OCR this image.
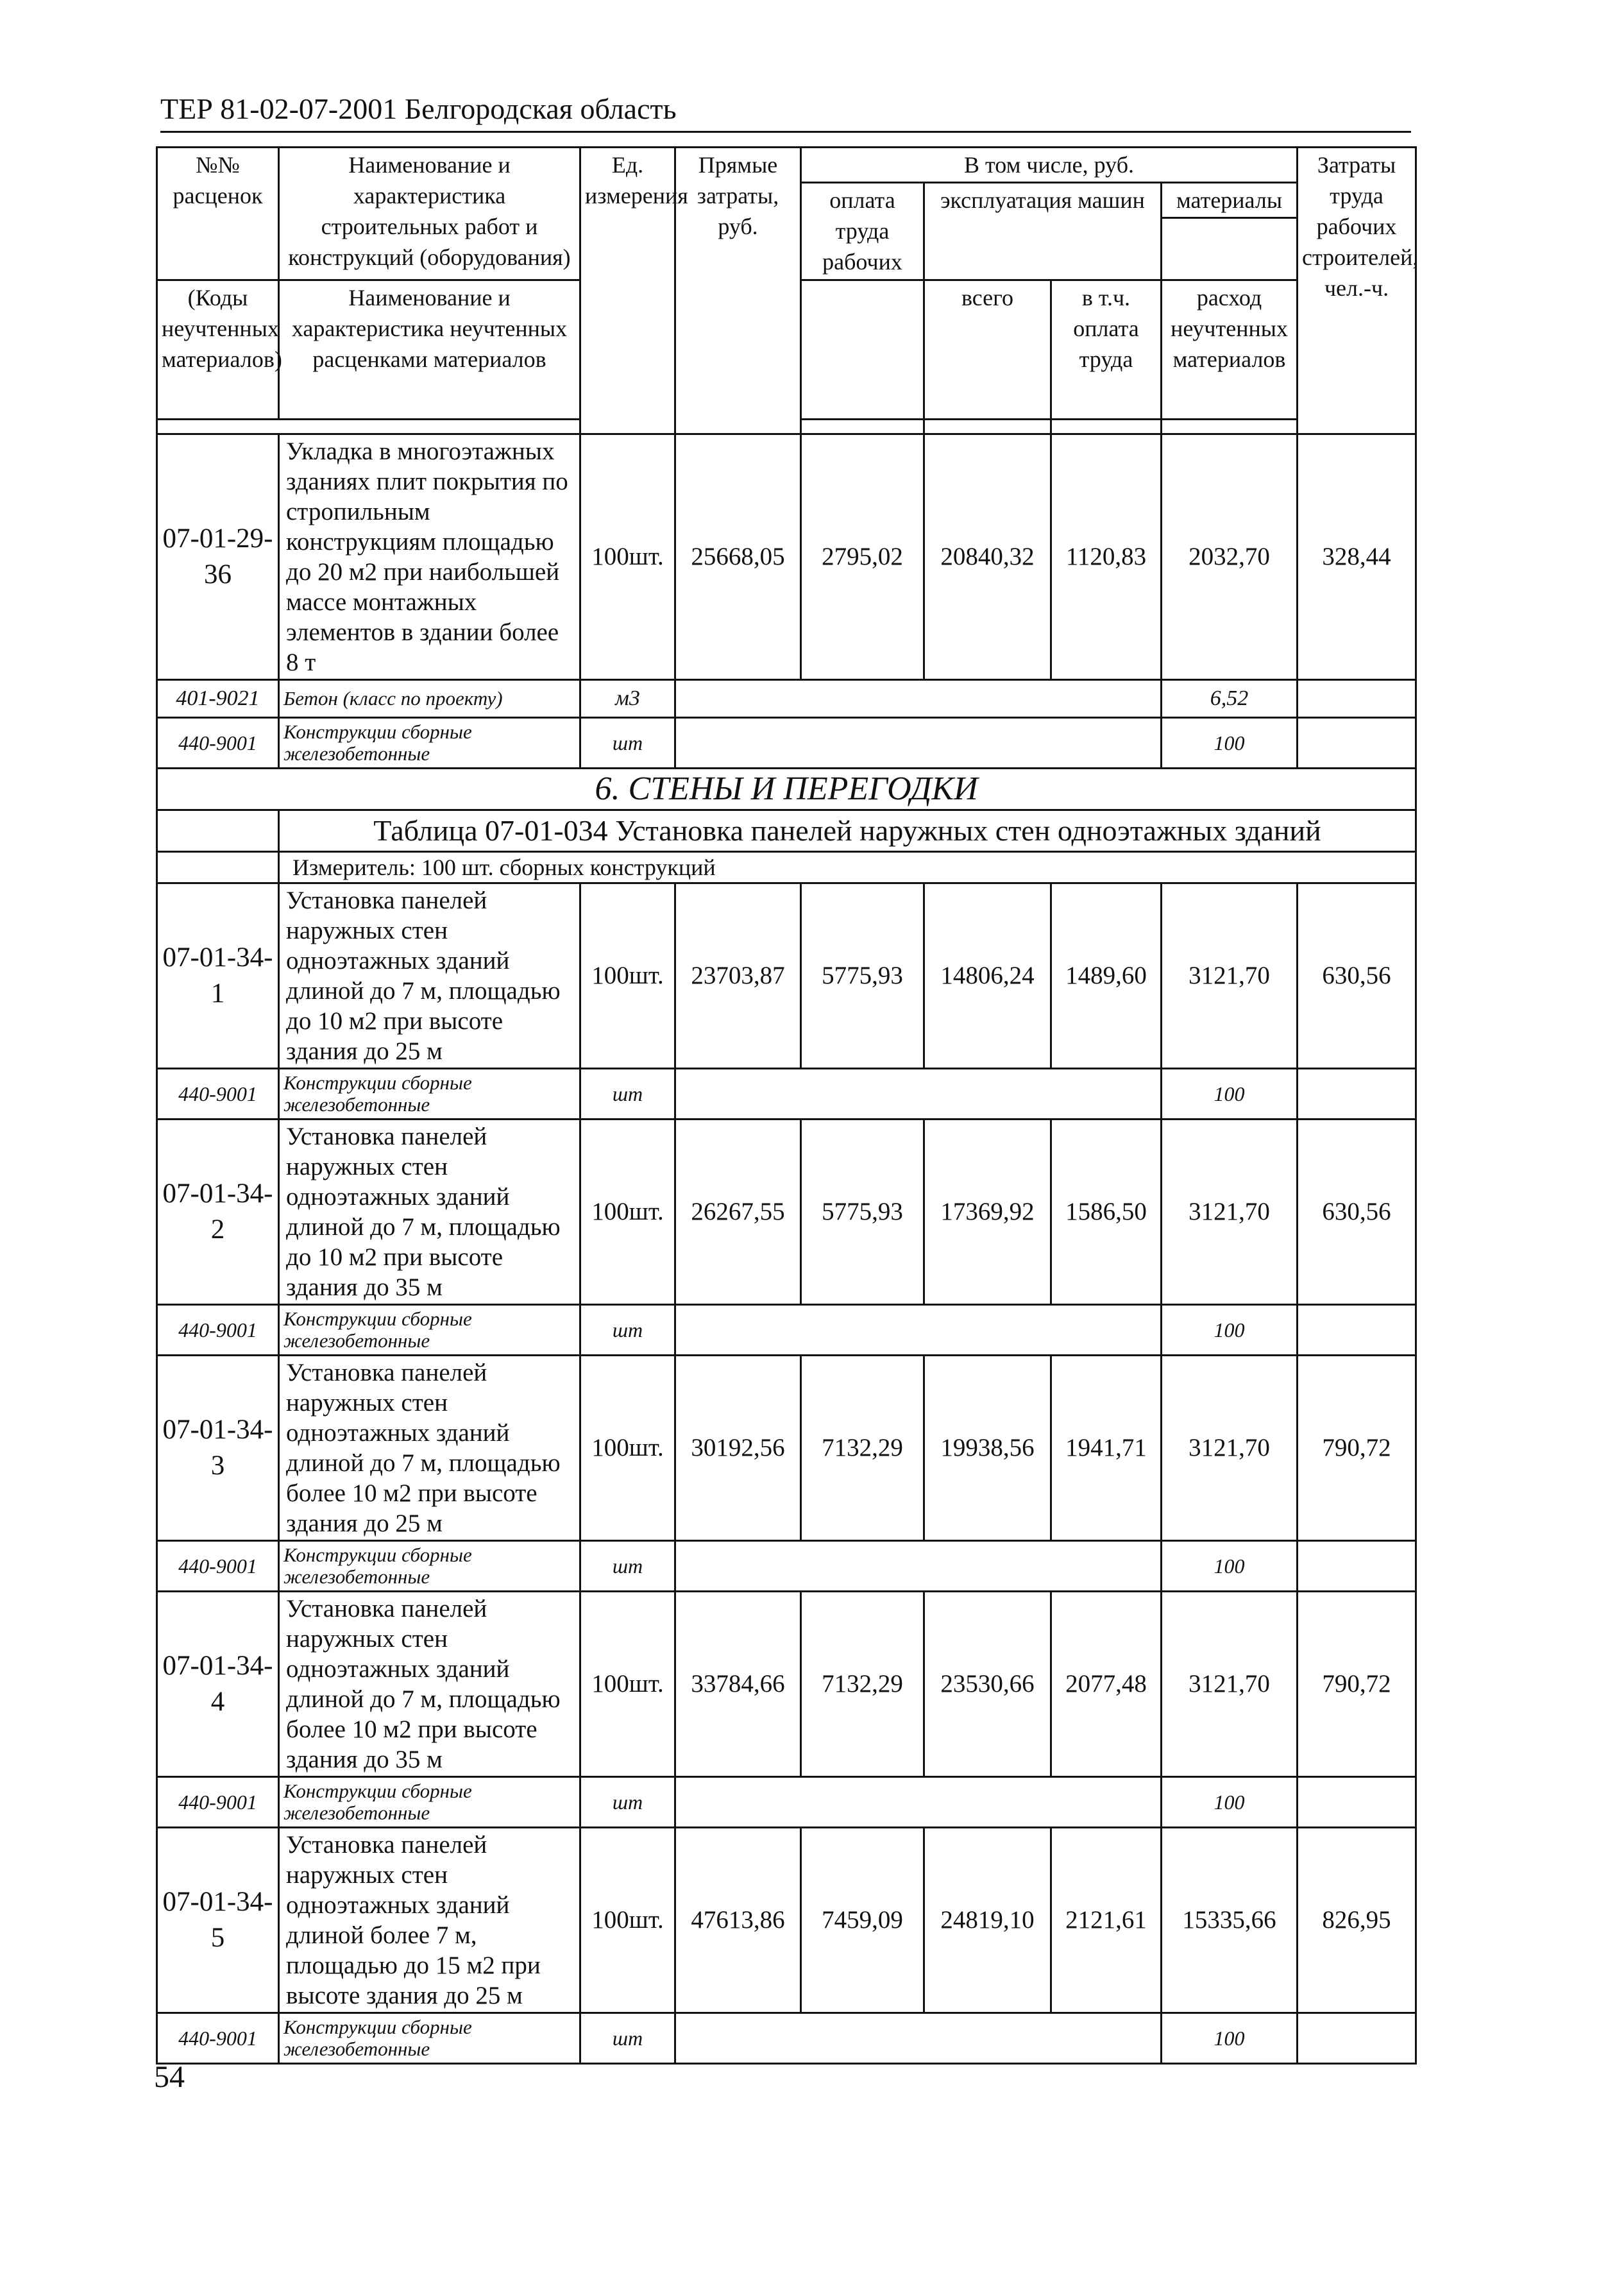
ТЕР 81-02-07-2001 Белгородская область
№№ расценок	Наименование и характеристика строительных работ и конструкций (оборудования)	Ед. измерения	Прямые затраты, руб.	В том числе, руб.				Затраты труда рабочих строителей, чел.-ч.
				оплата труда рабочих	эксплуатация машин		материалы	

(Коды неучтенных материалов)	Наименование и характеристика неучтенных расценками материалов				всего	в т.ч. оплата труда	расход неучтенных материалов	

07-01-29-36	Укладка в многоэтажных зданиях плит покрытия по стропильным конструкциям площадью до 20 м2 при наибольшей массе монтажных элементов в здании более 8 т	100шт.	25668,05	2795,02	20840,32	1120,83	2032,70	328,44
401-9021	Бетон (класс по проекту)	м3					6,52	
440-9001	Конструкции сборные железобетонные	шт					100	
6. СТЕНЫ И ПЕРЕГОДКИ								
	Таблица 07-01-034 Установка панелей наружных стен одноэтажных зданий							
	Измеритель: 100 шт. сборных конструкций							
07-01-34-1	Установка панелей наружных стен одноэтажных зданий длиной до 7 м, площадью до 10 м2 при высоте здания до 25 м	100шт.	23703,87	5775,93	14806,24	1489,60	3121,70	630,56
440-9001	Конструкции сборные железобетонные	шт					100	
07-01-34-2	Установка панелей наружных стен одноэтажных зданий длиной до 7 м, площадью до 10 м2 при высоте здания до 35 м	100шт.	26267,55	5775,93	17369,92	1586,50	3121,70	630,56
440-9001	Конструкции сборные железобетонные	шт					100	
07-01-34-3	Установка панелей наружных стен одноэтажных зданий длиной до 7 м, площадью более 10 м2 при высоте здания до 25 м	100шт.	30192,56	7132,29	19938,56	1941,71	3121,70	790,72
440-9001	Конструкции сборные железобетонные	шт					100	
07-01-34-4	Установка панелей наружных стен одноэтажных зданий длиной до 7 м, площадью более 10 м2 при высоте здания до 35 м	100шт.	33784,66	7132,29	23530,66	2077,48	3121,70	790,72
440-9001	Конструкции сборные железобетонные	шт					100	
07-01-34-5	Установка панелей наружных стен одноэтажных зданий длиной более 7 м, площадью до 15 м2 при высоте здания до 25 м	100шт.	47613,86	7459,09	24819,10	2121,61	15335,66	826,95
440-9001	Конструкции сборные железобетонные	шт					100	
54
